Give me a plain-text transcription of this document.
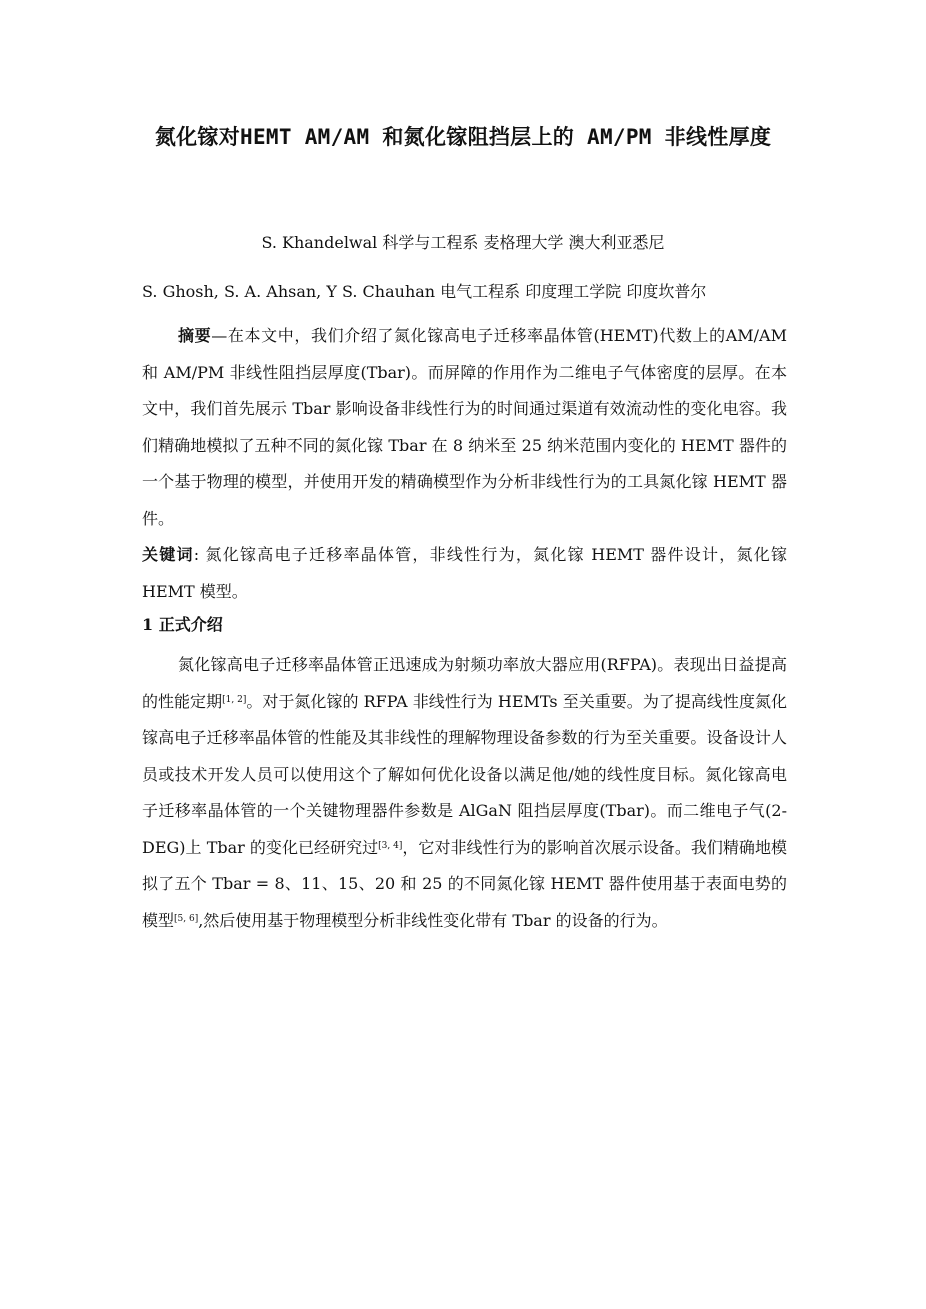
氮化镓对HEMT AM/AM 和氮化镓阻挡层上的 AM/PM 非线性厚度
S. Khandelwal 科学与工程系 麦格理大学 澳大利亚悉尼
S. Ghosh, S. A. Ahsan, Y S. Chauhan 电气工程系 印度理工学院 印度坎普尔
摘要—在本文中，我们介绍了氮化镓高电子迁移率晶体管(HEMT)代数上的AM/AM 和 AM/PM 非线性阻挡层厚度(Tbar)。而屏障的作用作为二维电子气体密度的层厚。在本文中，我们首先展示 Tbar 影响设备非线性行为的时间通过渠道有效流动性的变化电容。我们精确地模拟了五种不同的氮化镓 Tbar 在 8 纳米至 25 纳米范围内变化的 HEMT 器件的一个基于物理的模型，并使用开发的精确模型作为分析非线性行为的工具氮化镓 HEMT 器件。
关键词: 氮化镓高电子迁移率晶体管，非线性行为，氮化镓 HEMT 器件设计，氮化镓 HEMT 模型。
1 正式介绍
氮化镓高电子迁移率晶体管正迅速成为射频功率放大器应用(RFPA)。表现出日益提高的性能定期[1, 2]。对于氮化镓的 RFPA 非线性行为 HEMTs 至关重要。为了提高线性度氮化镓高电子迁移率晶体管的性能及其非线性的理解物理设备参数的行为至关重要。设备设计人员或技术开发人员可以使用这个了解如何优化设备以满足他/她的线性度目标。氮化镓高电子迁移率晶体管的一个关键物理器件参数是 AlGaN 阻挡层厚度(Tbar)。而二维电子气(2-DEG)上 Tbar 的变化已经研究过[3, 4]，它对非线性行为的影响首次展示设备。我们精确地模拟了五个 Tbar = 8、11、15、20 和 25 的不同氮化镓 HEMT 器件使用基于表面电势的模型[5, 6],然后使用基于物理模型分析非线性变化带有 Tbar 的设备的行为。
